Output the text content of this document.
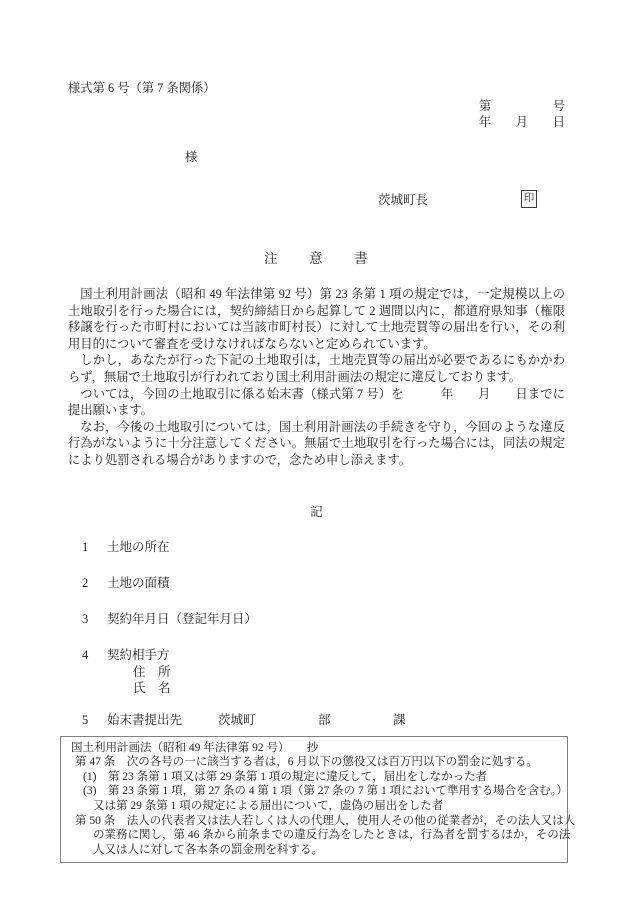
様式第 6 号（第 7 条関係）
第　　　　　号
年　　月　　日
様
茨城町長	印
注　　意　　書

国土利用計画法（昭和 49 年法律第 92 号）第 23 条第 1 項の規定では，一定規模以上の土地取引を行った場合には，契約締結日から起算して 2 週間以内に，都道府県知事（権限移譲を行った市町村においては当該市町村長）に対して土地売買等の届出を行い，その利用目的について審査を受けなければならないと定められています。

しかし，あなたが行った下記の土地取引は，土地売買等の届出が必要であるにもかかわらず，無届で土地取引が行われており国土利用計画法の規定に違反しております。

ついては，今回の土地取引に係る始末書（様式第 7 号）を　　　年　　月　　日までに提出願います。

なお，今後の土地取引については，国土利用計画法の手続きを守り，今回のような違反行為がないように十分注意してください。無届で土地取引を行った場合には，同法の規定により処罰される場合がありますので，念ため申し添えます。

記
1 土地の所在
2 土地の面積
3 契約年月日（登記年月日）
4 契約相手方
住　所
氏　名
5 始末書提出先	茨城町　　　　　部　　　　　課
国土利用計画法（昭和 49 年法律第 92 号）　　抄
第 47 条　次の各号の一に該当する者は，6 月以下の懲役又は百万円以下の罰金に処する。
(1)　第 23 条第 1 項又は第 29 条第 1 項の規定に違反して，届出をしなかった者
(3)　第 23 条第 1 項，第 27 条の 4 第 1 項（第 27 条の 7 第 1 項において準用する場合を含む。）
又は第 29 条第 1 項の規定による届出について，虚偽の届出をした者
第 50 条　法人の代表者又は法人若しくは人の代理人，使用人その他の従業者が，その法人又は人
の業務に関し，第 46 条から前条までの違反行為をしたときは，行為者を罰するほか，その法
人又は人に対して各本条の罰金刑を科する。
